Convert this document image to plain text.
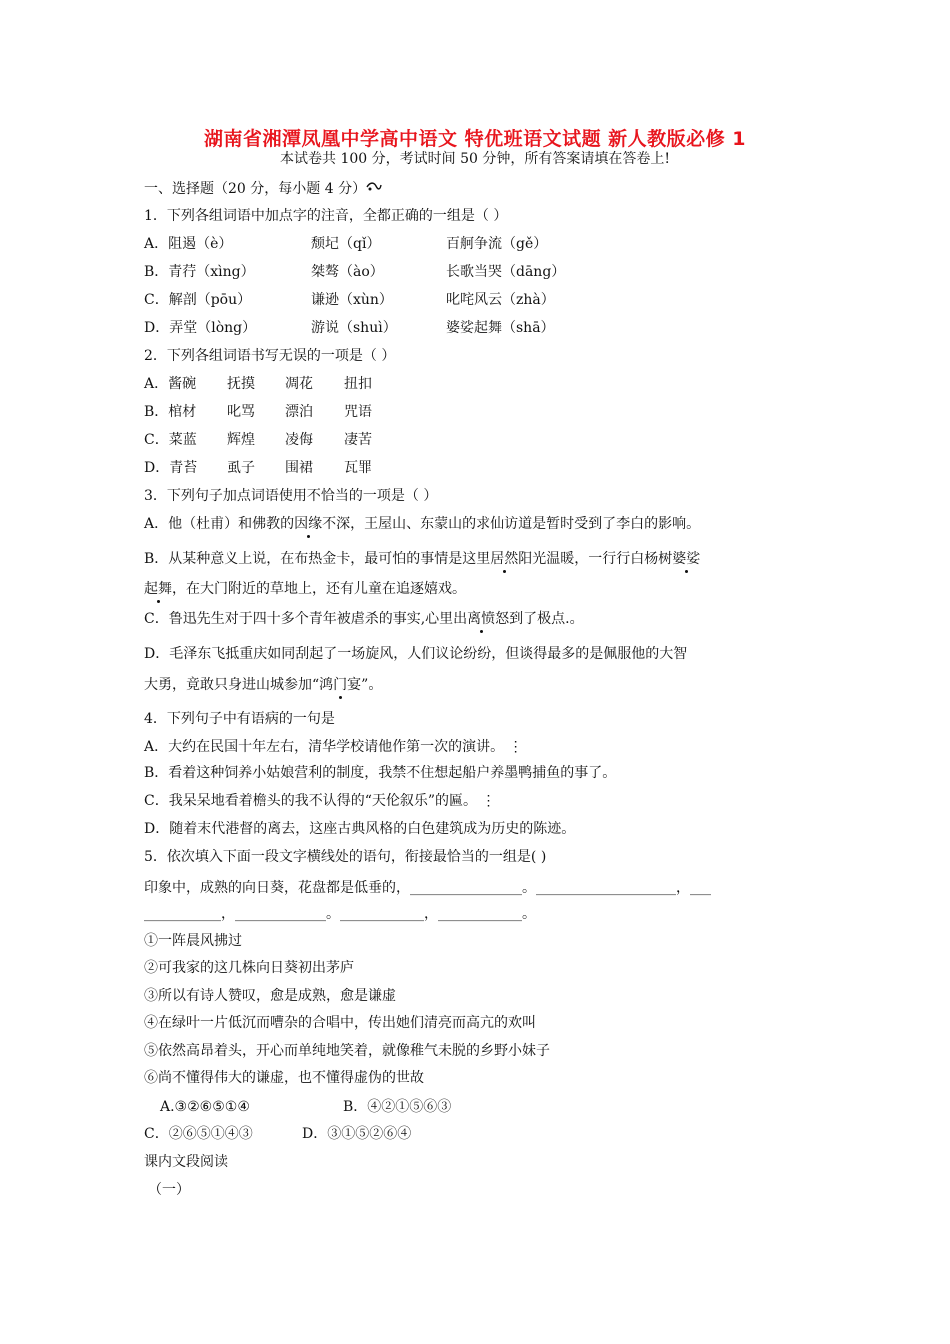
湖南省湘潭凤凰中学高中语文 特优班语文试题 新人教版必修 1
本试卷共 100 分，考试时间 50 分钟，所有答案请填在答卷上!
一、选择题（20 分，每小题 4 分）
1．下列各组词语中加点字的注音，全都正确的一组是（ ）
A．阻遏（è）	颓圮（qǐ）	百舸争流（gě）
B．青荇（xìng）	桀骜（ào）	长歌当哭（dāng）
C．解剖（pōu）	谦逊（xùn）	叱咤风云（zhà）
D．弄堂（lòng）	游说（shuì）	婆娑起舞（shā）
2．下列各组词语书写无误的一项是（ ）
A．酱碗 抚摸 凋花 扭扣
B．棺材 叱骂 漂泊 咒语
C．菜蓝 辉煌 凌侮 凄苦
D．青苔 虱子 围裙 瓦罪
3．下列句子加点词语使用不恰当的一项是（ ）
A．他（杜甫）和佛教的因缘不深，王屋山、东蒙山的求仙访道是暂时受到了李白的影响。
B．从某种意义上说，在布热金卡，最可怕的事情是这里居然阳光温暖，一行行白杨树婆娑
起舞，在大门附近的草地上，还有儿童在追逐嬉戏。
C．鲁迅先生对于四十多个青年被虐杀的事实,心里出离愤怒到了极点.。
D．毛泽东飞抵重庆如同刮起了一场旋风，人们议论纷纷，但谈得最多的是佩服他的大智
大勇，竟敢只身进山城参加“鸿门宴”。
4．下列句子中有语病的一句是
A．大约在民国十年左右，清华学校请他作第一次的演讲。 ⋮
B．看着这种饲养小姑娘营利的制度，我禁不住想起船户养墨鸭捕鱼的事了。
C．我呆呆地看着檐头的我不认得的“天伦叙乐”的匾。 ⋮
D．随着末代港督的离去，这座古典风格的白色建筑成为历史的陈迹。
5．依次填入下面一段文字横线处的语句，衔接最恰当的一组是( )
印象中，成熟的向日葵，花盘都是低垂的，________________。____________________，___
___________，_____________。____________，____________。
①一阵晨风拂过
②可我家的这几株向日葵初出茅庐
③所以有诗人赞叹，愈是成熟，愈是谦虚
④在绿叶一片低沉而嘈杂的合唱中，传出她们清亮而高亢的欢叫
⑤依然高昂着头，开心而单纯地笑着，就像稚气未脱的乡野小妹子
⑥尚不懂得伟大的谦虚，也不懂得虚伪的世故
A.③②⑥⑤①④	B．④②①⑤⑥③
C．②⑥⑤①④③	D．③①⑤②⑥④
课内文段阅读
（一）
